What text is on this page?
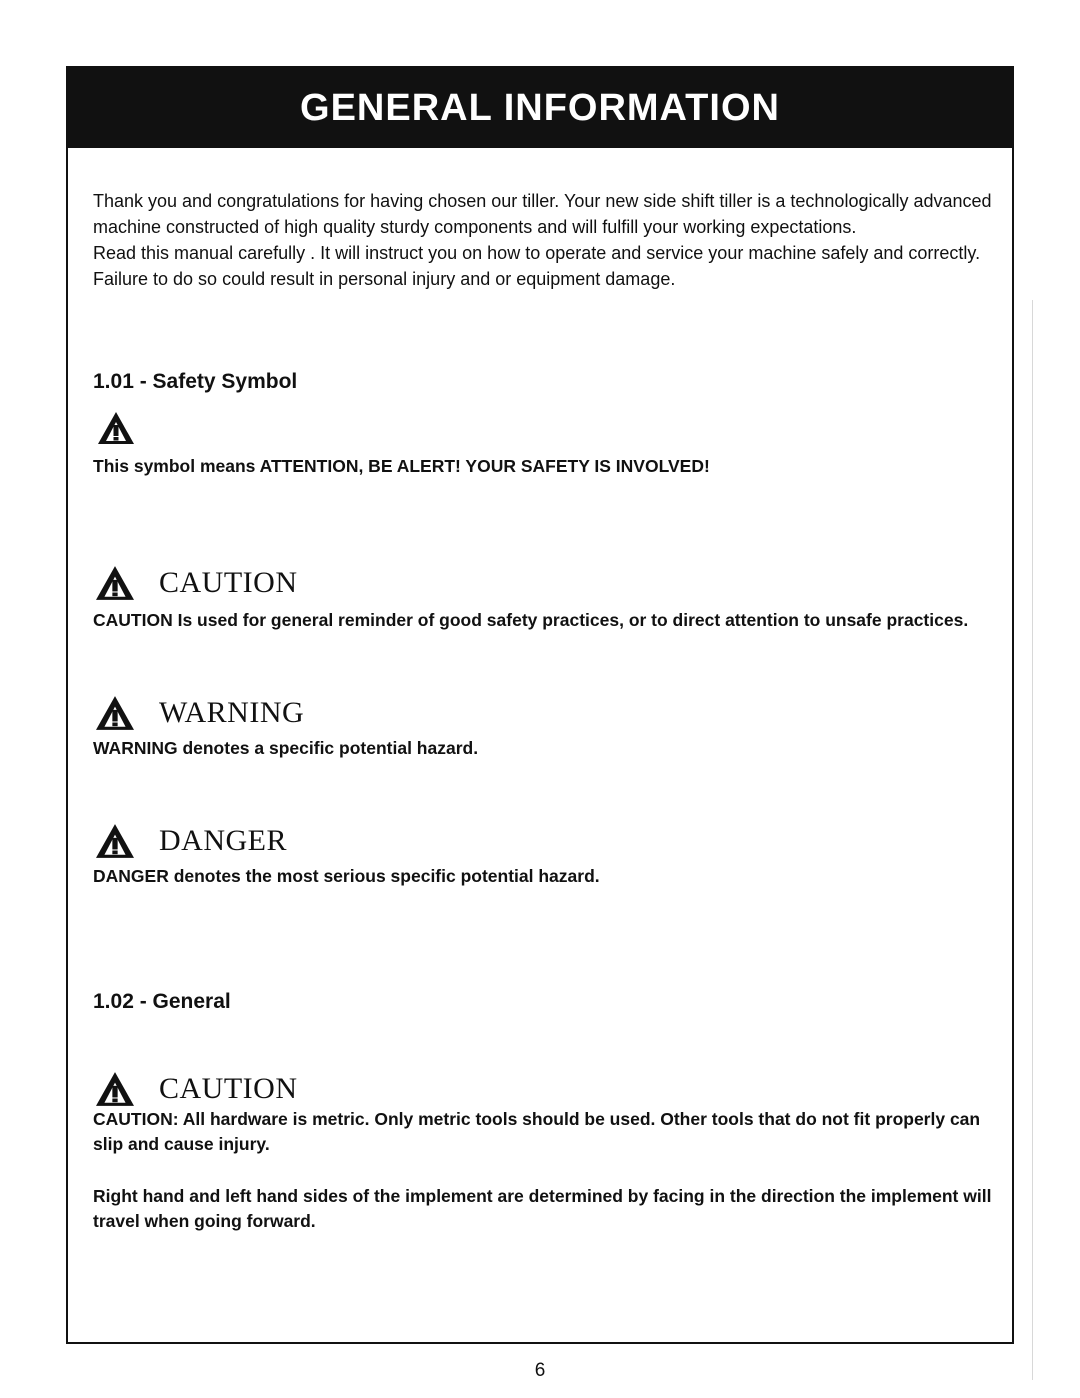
GENERAL INFORMATION

Thank you and congratulations for having chosen our tiller. Your new side shift tiller is a technologically advanced machine constructed of high quality sturdy components and will fulfill your working expectations.

Read this manual carefully . It will instruct you on how to operate and service your machine safely and correctly. Failure to do so could result in personal injury and or equipment damage.

1.01 - Safety Symbol
This symbol means ATTENTION, BE ALERT! YOUR SAFETY IS INVOLVED!
CAUTION
CAUTION Is used for general reminder of good safety practices, or to direct attention to unsafe practices.
WARNING
WARNING denotes a specific potential hazard.
DANGER
DANGER denotes the most serious specific potential hazard.
1.02 - General
CAUTION
CAUTION: All hardware is metric. Only metric tools should be used. Other tools that do not fit properly can slip and cause injury.
Right hand and left hand sides of the implement are determined by facing in the direction the implement will travel when going forward.
6
